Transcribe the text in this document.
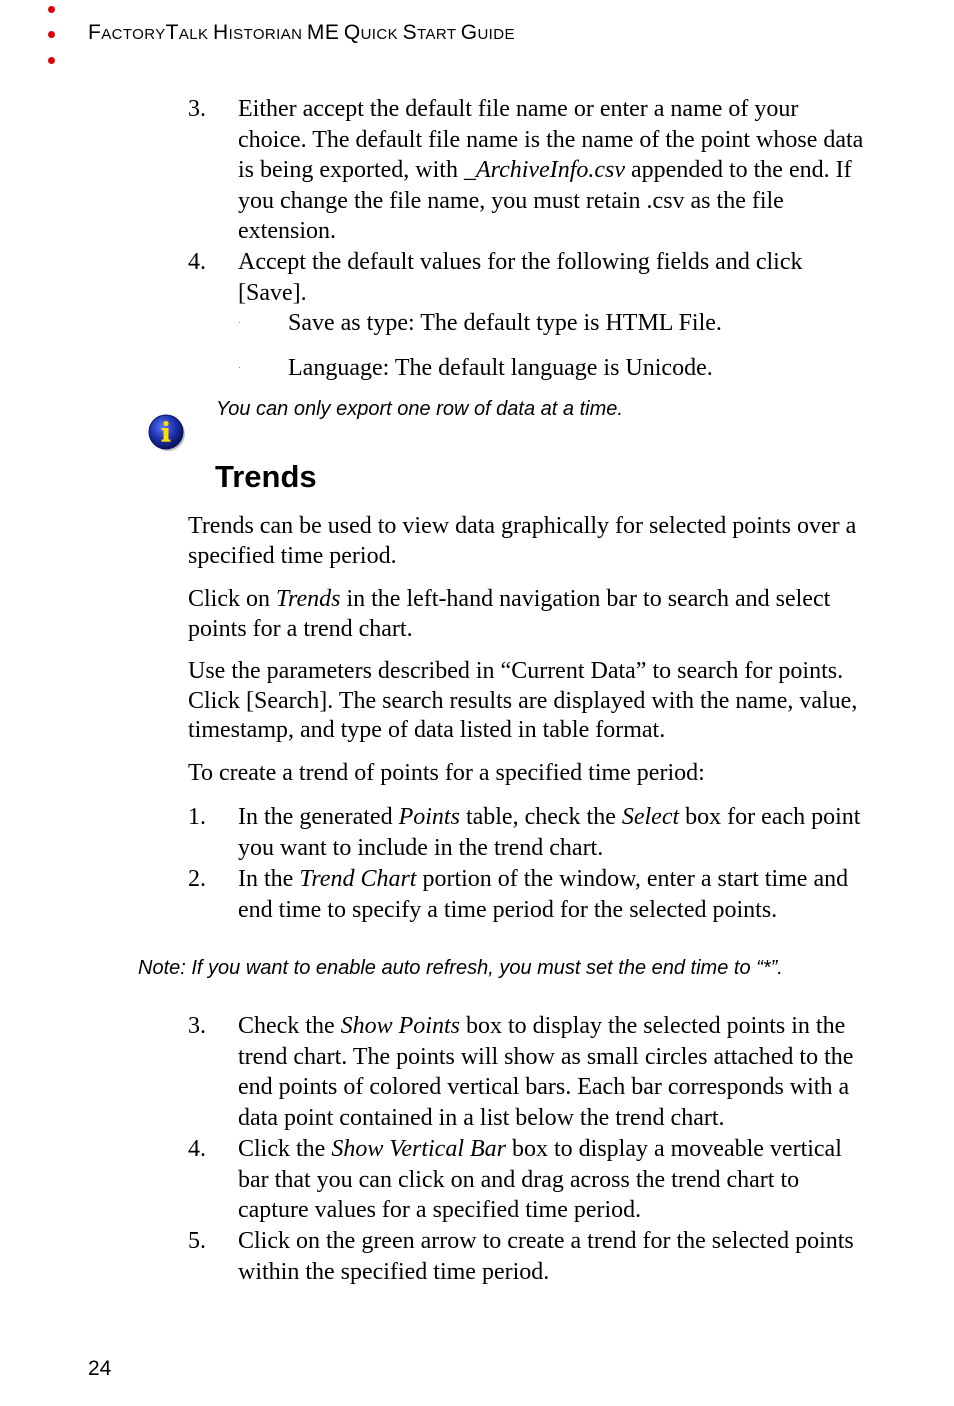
FACTORYTALK HISTORIAN ME QUICK START GUIDE
3. Either accept the default file name or enter a name of your choice. The default file name is the name of the point whose data is being exported, with _ArchiveInfo.csv appended to the end. If you change the file name, you must retain .csv as the file extension.
4. Accept the default values for the following fields and click [Save].
· Save as type: The default type is HTML File.
· Language: The default language is Unicode.
You can only export one row of data at a time.
Trends
Trends can be used to view data graphically for selected points over a specified time period.
Click on Trends in the left-hand navigation bar to search and select points for a trend chart.
Use the parameters described in “Current Data” to search for points. Click [Search]. The search results are displayed with the name, value, timestamp, and type of data listed in table format.
To create a trend of points for a specified time period:
1. In the generated Points table, check the Select box for each point you want to include in the trend chart.
2. In the Trend Chart portion of the window, enter a start time and end time to specify a time period for the selected points.
Note: If you want to enable auto refresh, you must set the end time to “*”.
3. Check the Show Points box to display the selected points in the trend chart. The points will show as small circles attached to the end points of colored vertical bars. Each bar corresponds with a data point contained in a list below the trend chart.
4. Click the Show Vertical Bar box to display a moveable vertical bar that you can click on and drag across the trend chart to capture values for a specified time period.
5. Click on the green arrow to create a trend for the selected points within the specified time period.
24
